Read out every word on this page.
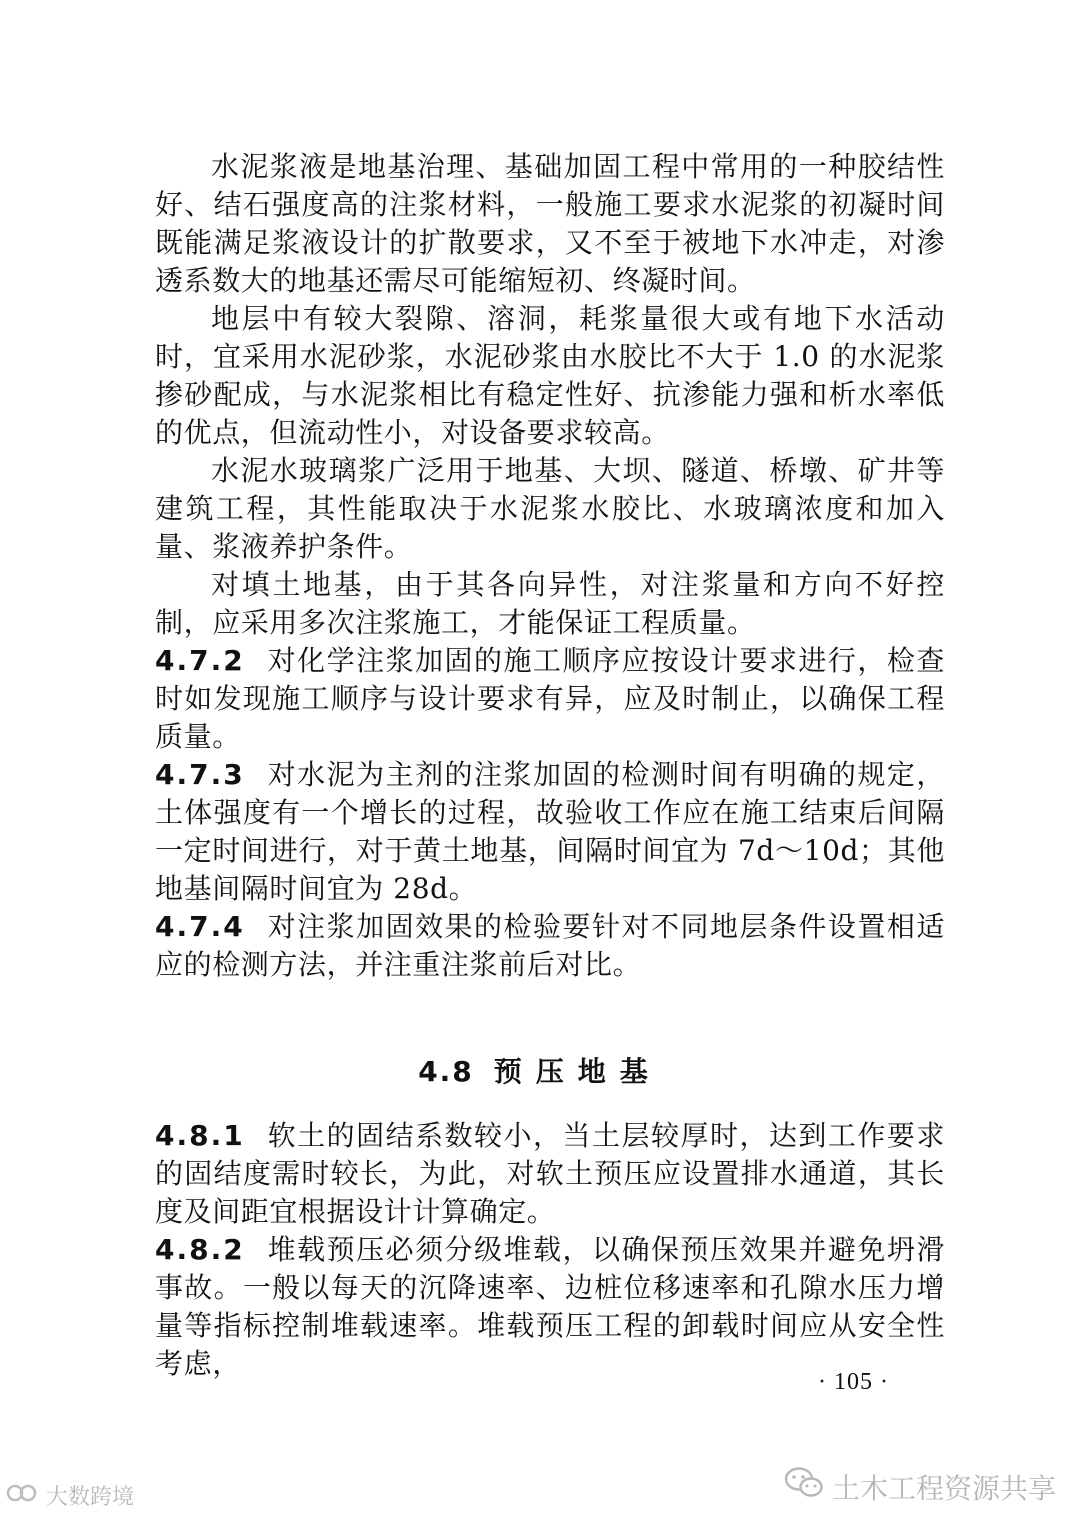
水泥浆液是地基治理、基础加固工程中常用的一种胶结性好、结石强度高的注浆材料，一般施工要求水泥浆的初凝时间既能满足浆液设计的扩散要求，又不至于被地下水冲走，对渗透系数大的地基还需尽可能缩短初、终凝时间。

地层中有较大裂隙、溶洞，耗浆量很大或有地下水活动时，宜采用水泥砂浆，水泥砂浆由水胶比不大于 1.0 的水泥浆掺砂配成，与水泥浆相比有稳定性好、抗渗能力强和析水率低的优点，但流动性小，对设备要求较高。

水泥水玻璃浆广泛用于地基、大坝、隧道、桥墩、矿井等建筑工程，其性能取决于水泥浆水胶比、水玻璃浓度和加入量、浆液养护条件。

对填土地基，由于其各向异性，对注浆量和方向不好控制，应采用多次注浆施工，才能保证工程质量。

4.7.2 对化学注浆加固的施工顺序应按设计要求进行，检查时如发现施工顺序与设计要求有异，应及时制止，以确保工程质量。

4.7.3 对水泥为主剂的注浆加固的检测时间有明确的规定，土体强度有一个增长的过程，故验收工作应在施工结束后间隔一定时间进行，对于黄土地基，间隔时间宜为 7d～10d；其他地基间隔时间宜为 28d。

4.7.4 对注浆加固效果的检验要针对不同地层条件设置相适应的检测方法，并注重注浆前后对比。

4.8 预压地基

4.8.1 软土的固结系数较小，当土层较厚时，达到工作要求的固结度需时较长，为此，对软土预压应设置排水通道，其长度及间距宜根据设计计算确定。

4.8.2 堆载预压必须分级堆载，以确保预压效果并避免坍滑事故。一般以每天的沉降速率、边桩位移速率和孔隙水压力增量等指标控制堆载速率。堆载预压工程的卸载时间应从安全性考虑，

· 105 ·
大数跨境	土木工程资源共享
